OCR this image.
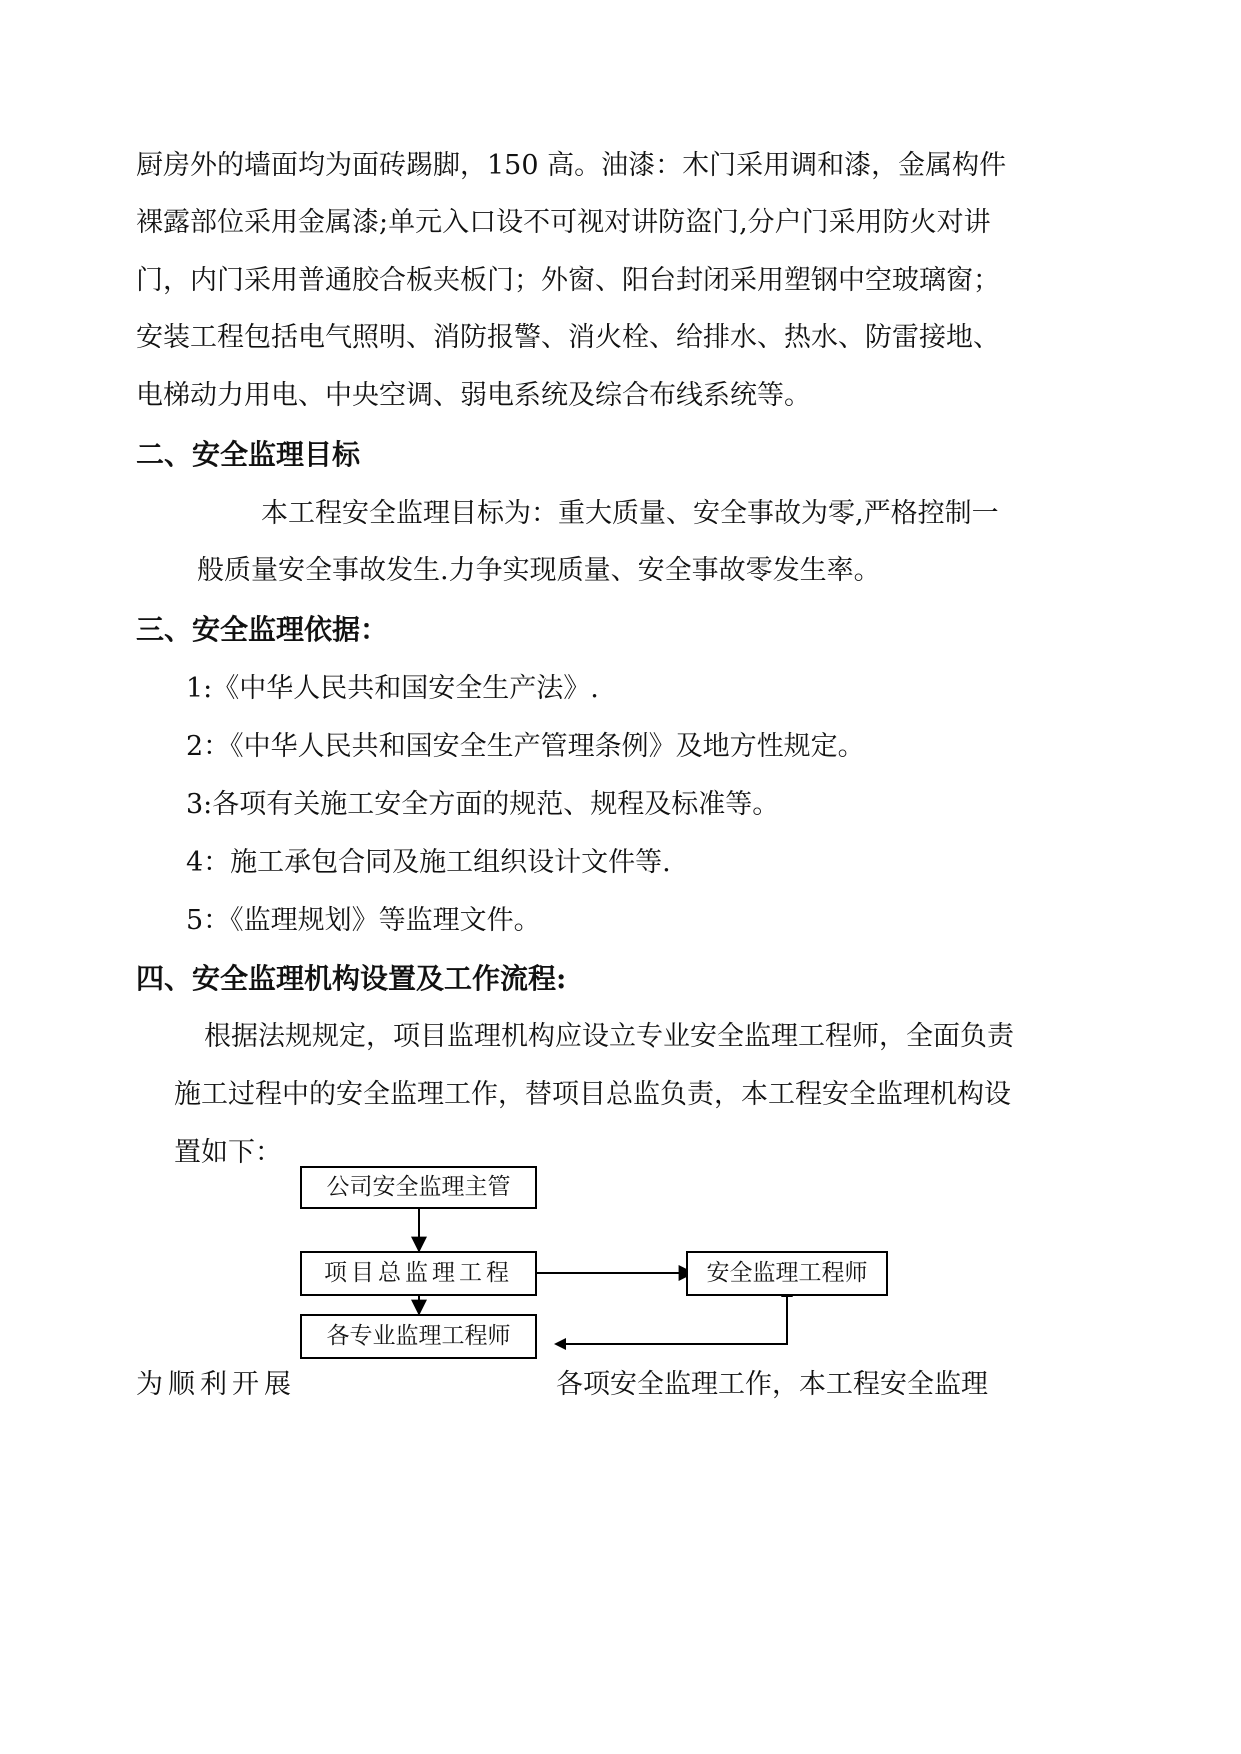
厨房外的墙面均为面砖踢脚，150 高。油漆：木门采用调和漆，金属构件
裸露部位采用金属漆;单元入口设不可视对讲防盗门,分户门采用防火对讲
门，内门采用普通胶合板夹板门；外窗、阳台封闭采用塑钢中空玻璃窗；
安装工程包括电气照明、消防报警、消火栓、给排水、热水、防雷接地、
电梯动力用电、中央空调、弱电系统及综合布线系统等。
二、安全监理目标
本工程安全监理目标为：重大质量、安全事故为零,严格控制一
般质量安全事故发生.力争实现质量、安全事故零发生率。
三、安全监理依据：
1:《中华人民共和国安全生产法》.
2：《中华人民共和国安全生产管理条例》及地方性规定。
3:各项有关施工安全方面的规范、规程及标准等。
4：施工承包合同及施工组织设计文件等.
5：《监理规划》等监理文件。
四、安全监理机构设置及工作流程:
根据法规规定，项目监理机构应设立专业安全监理工程师，全面负责
施工过程中的安全监理工作，替项目总监负责，本工程安全监理机构设
置如下：
公司安全监理主管
项目总监理工程	安全监理工程师
各专业监理工程师
为顺利开展	各项安全监理工作，本工程安全监理
